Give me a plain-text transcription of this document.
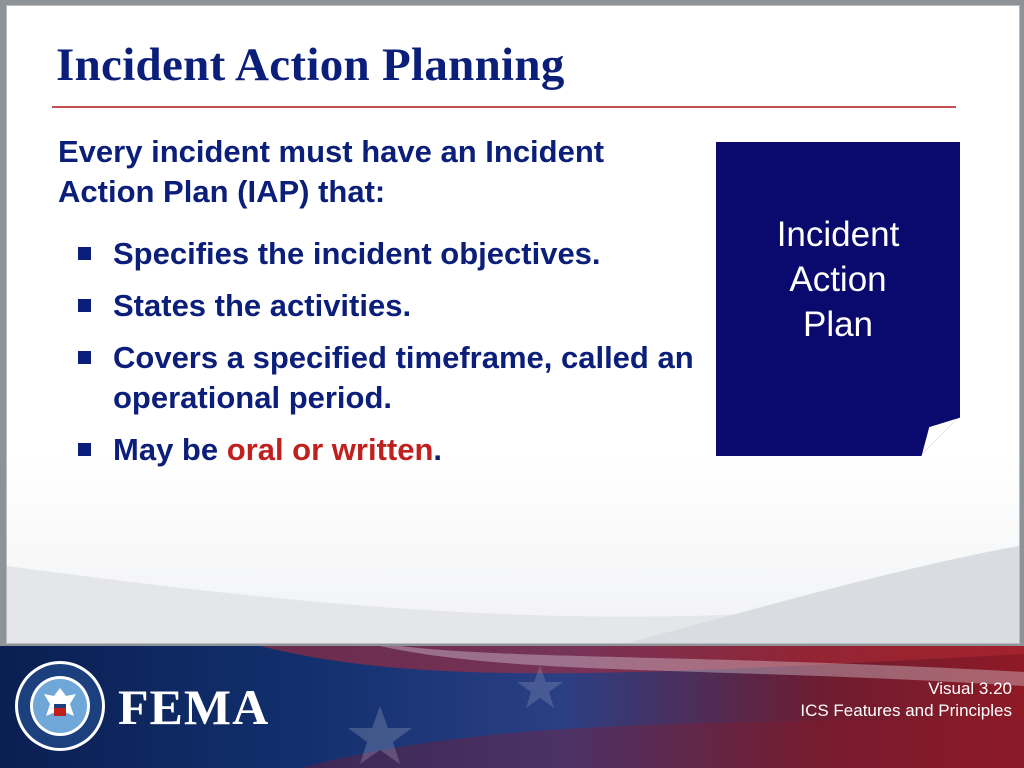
Incident Action Planning

Every incident must have an Incident Action Plan (IAP) that:

Specifies the incident objectives.
States the activities.
Covers a specified timeframe, called an operational period.
May be oral or written.
Incident
Action
Plan
FEMA	Visual 3.20
ICS Features and Principles
